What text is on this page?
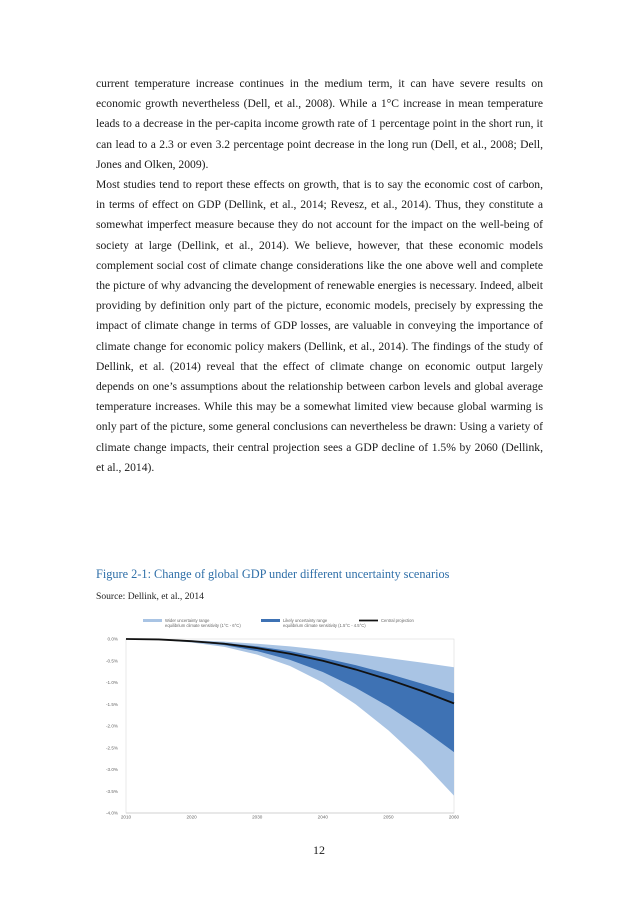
current temperature increase continues in the medium term, it can have severe results on economic growth nevertheless (Dell, et al., 2008). While a 1°C increase in mean temperature leads to a decrease in the per-capita income growth rate of 1 percentage point in the short run, it can lead to a 2.3 or even 3.2 percentage point decrease in the long run (Dell, et al., 2008; Dell, Jones and Olken, 2009).

Most studies tend to report these effects on growth, that is to say the economic cost of carbon, in terms of effect on GDP (Dellink, et al., 2014; Revesz, et al., 2014). Thus, they constitute a somewhat imperfect measure because they do not account for the impact on the well-being of society at large (Dellink, et al., 2014). We believe, however, that these economic models complement social cost of climate change considerations like the one above well and complete the picture of why advancing the development of renewable energies is necessary. Indeed, albeit providing by definition only part of the picture, economic models, precisely by expressing the impact of climate change in terms of GDP losses, are valuable in conveying the importance of climate change for economic policy makers (Dellink, et al., 2014). The findings of the study of Dellink, et al. (2014) reveal that the effect of climate change on economic output largely depends on one’s assumptions about the relationship between carbon levels and global average temperature increases. While this may be a somewhat limited view because global warming is only part of the picture, some general conclusions can nevertheless be drawn: Using a variety of climate change impacts, their central projection sees a GDP decline of 1.5% by 2060 (Dellink, et al., 2014).

Figure 2-1: Change of global GDP under different uncertainty scenarios

Source: Dellink, et al., 2014

Wider uncertainty range
equilibrium climate sensitivity (1°C - 6°C)
Likely uncertainty range
equilibrium climate sensitivity (1.5°C - 4.5°C)
Central projection
0.0%
-0.5%
-1.0%
-1.5%
-2.0%
-2.5%
-3.0%
-3.5%
-4.0%
2010	2020	2030	2040	2050	2060

12
